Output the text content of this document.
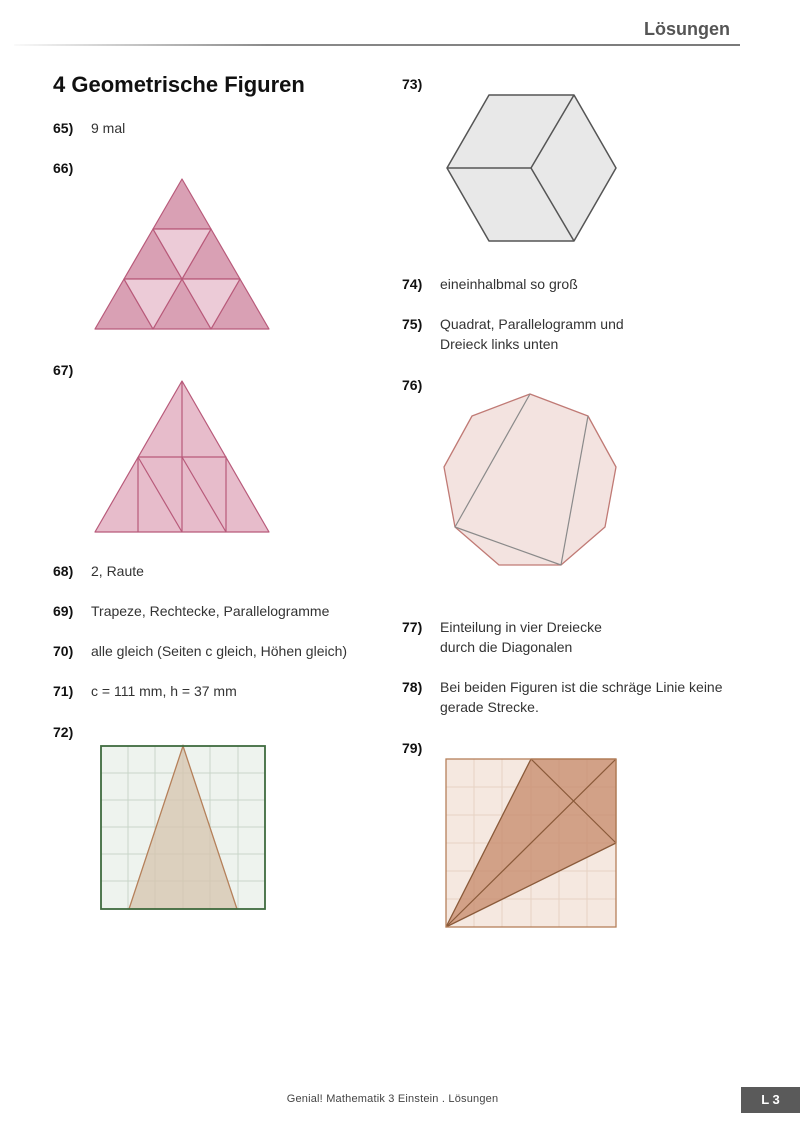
Lösungen
4 Geometrische Figuren
65) 9 mal
66)
67)
68) 2, Raute
69) Trapeze, Rechtecke, Parallelogramme
70) alle gleich (Seiten c gleich, Höhen gleich)
71) c = 111 mm, h = 37 mm
72)
73)
74) eineinhalbmal so groß
75) Quadrat, Parallelogramm und
Dreieck links unten
76)
77) Einteilung in vier Dreiecke
durch die Diagonalen
78) Bei beiden Figuren ist die schräge Linie keine
gerade Strecke.
79)
Genial! Mathematik 3 Einstein . Lösungen	L 3
